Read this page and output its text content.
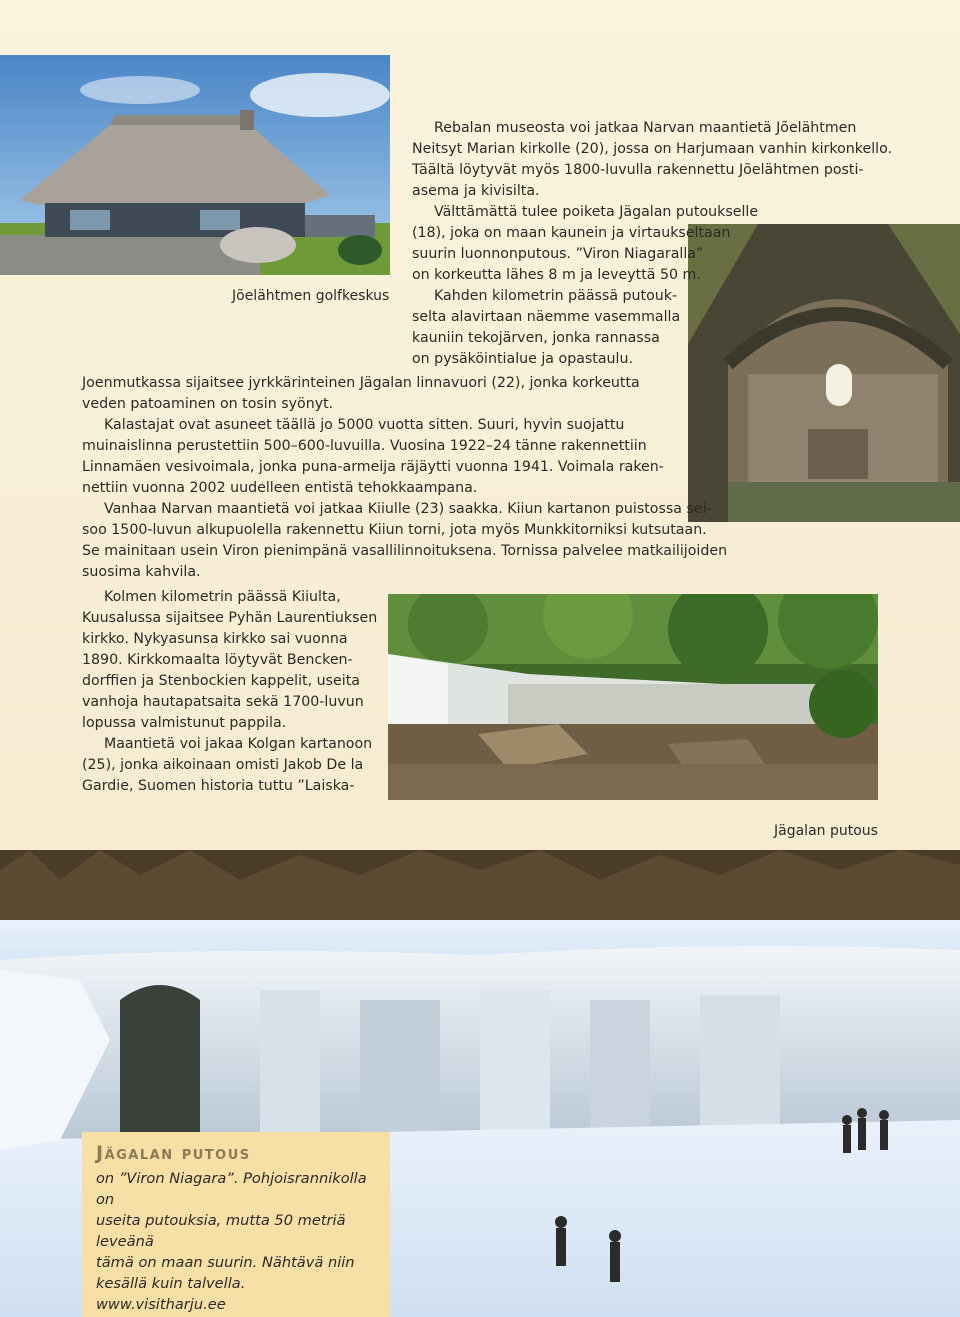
Jõelähtmen golfkeskus

Rebalan museosta voi jatkaa Narvan maantietä Jõelähtmen

Neitsyt Marian kirkolle (20), jossa on Harjumaan vanhin kirkonkello.

Täältä löytyvät myös 1800-luvulla rakennettu Jõelähtmen posti-

asema ja kivisilta.

Välttämättä tulee poiketa Jägalan putoukselle

(18), joka on maan kaunein ja virtaukseltaan

suurin luonnonputous. ”Viron Niagaralla”

on korkeutta lähes 8 m ja leveyttä 50 m.

Kahden kilometrin päässä putouk-

selta alavirtaan näemme vasemmalla

kauniin tekojärven, jonka rannassa

on pysäköintialue ja opastaulu.

Joenmutkassa sijaitsee jyrkkärinteinen Jägalan linnavuori (22), jonka korkeutta

veden patoaminen on tosin syönyt.

Kalastajat ovat asuneet täällä jo 5000 vuotta sitten. Suuri, hyvin suojattu

muinaislinna perustettiin 500–600-luvuilla. Vuosina 1922–24 tänne rakennettiin

Linnamäen vesivoimala, jonka puna-armeija räjäytti vuonna 1941. Voimala raken-

nettiin vuonna 2002 uudelleen entistä tehokkaampana.

Vanhaa Narvan maantietä voi jatkaa Kiiulle (23) saakka. Kiiun kartanon puistossa sei-

soo 1500-luvun alkupuolella rakennettu Kiiun torni, jota myös Munkkitorniksi kutsutaan.

Se mainitaan usein Viron pienimpänä vasallilinnoituksena. Tornissa palvelee matkailijoiden

suosima kahvila.

Kolmen kilometrin päässä Kiiulta,

Kuusalussa sijaitsee Pyhän Laurentiuksen

kirkko. Nykyasunsa kirkko sai vuonna

1890. Kirkkomaalta löytyvät Bencken-

dorffien ja Stenbockien kappelit, useita

vanhoja hautapatsaita sekä 1700-luvun

lopussa valmistunut pappila.

Maantietä voi jakaa Kolgan kartanoon

(25), jonka aikoinaan omisti Jakob De la

Gardie, Suomen historia tuttu ”Laiska-

Jägalan putous
Jägalan putous

on ”Viron Niagara”. Pohjoisrannikolla on

useita putouksia, mutta 50 metriä leveänä

tämä on maan suurin. Nähtävä niin

kesällä kuin talvella. www.visitharju.ee
